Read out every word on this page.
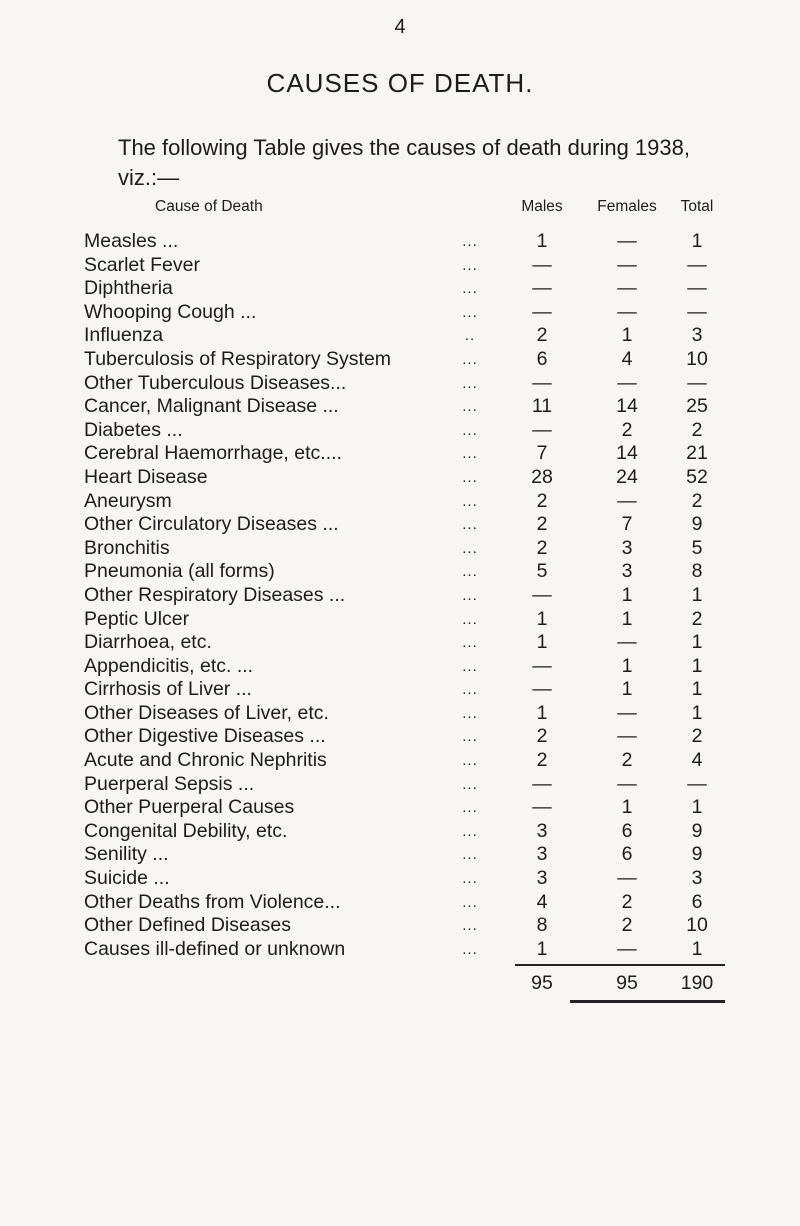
4
CAUSES OF DEATH.
The following Table gives the causes of death during 1938, viz.:—
Cause of Death	Males	Females	Total
Measles ...	...	1	—	1
Scarlet Fever	...	—	—	—
Diphtheria	...	—	—	—
Whooping Cough ...	...	—	—	—
Influenza	..	2	1	3
Tuberculosis of Respiratory System	...	6	4	10
Other Tuberculous Diseases...	...	—	—	—
Cancer, Malignant Disease ...	...	11	14	25
Diabetes ...	...	—	2	2
Cerebral Haemorrhage, etc....	...	7	14	21
Heart Disease	...	28	24	52
Aneurysm	...	2	—	2
Other Circulatory Diseases ...	...	2	7	9
Bronchitis	...	2	3	5
Pneumonia (all forms)	...	5	3	8
Other Respiratory Diseases ...	...	—	1	1
Peptic Ulcer	...	1	1	2
Diarrhoea, etc.	...	1	—	1
Appendicitis, etc. ...	...	—	1	1
Cirrhosis of Liver ...	...	—	1	1
Other Diseases of Liver, etc.	...	1	—	1
Other Digestive Diseases ...	...	2	—	2
Acute and Chronic Nephritis	...	2	2	4
Puerperal Sepsis ...	...	—	—	—
Other Puerperal Causes	...	—	1	1
Congenital Debility, etc.	...	3	6	9
Senility ...	...	3	6	9
Suicide ...	...	3	—	3
Other Deaths from Violence...	...	4	2	6
Other Defined Diseases	...	8	2	10
Causes ill-defined or unknown	...	1	—	1
95	95	190
